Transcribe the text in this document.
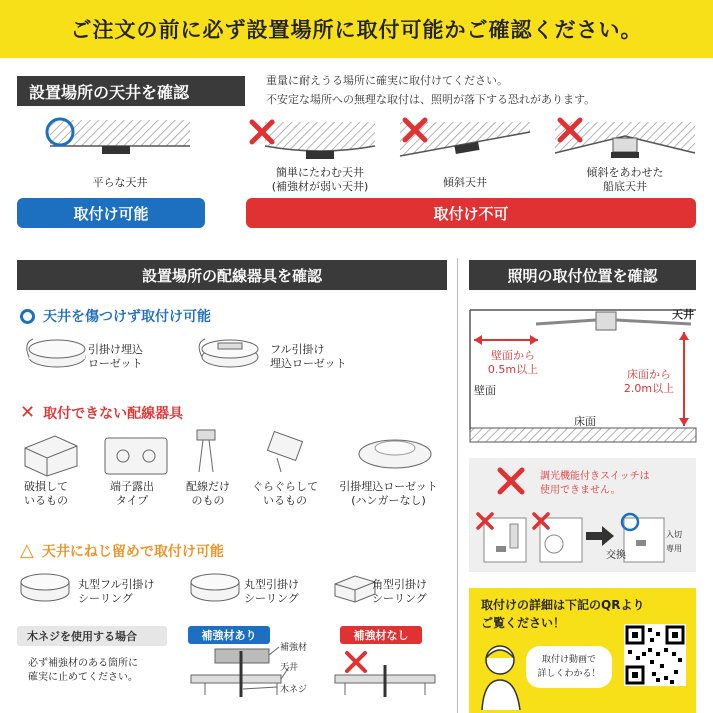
ご注文の前に必ず設置場所に取付可能かご確認ください。
設置場所の天井を確認
重量に耐えうる場所に確実に取付けてください。
不安定な場所への無理な取付は、照明が落下する恐れがあります。
平らな天井
簡単にたわむ天井
(補強材が弱い天井)	傾斜天井
傾斜をあわせた
船底天井
取付け可能	取付け不可
設置場所の配線器具を確認
天井を傷つけず取付け可能
引掛け埋込
ローゼット
フル引掛け
埋込ローゼット
✕ 取付できない配線器具
破損して
いるもの
端子露出
タイプ
配線だけ
のもの
ぐらぐらして
いるもの
引掛埋込ローゼット
(ハンガーなし)
△ 天井にねじ留めで取付け可能
丸型フル引掛け
シーリング
丸型引掛け
シーリング
角型引掛け
シーリング
木ネジを使用する場合
必ず補強材のある箇所に
確実に止めてください。
補強材あり	補強材なし
補強材
天井
木ネジ
照明の取付位置を確認
天井
壁面から
0.5m以上	床面から
2.0m以上
壁面
床面
調光機能付きスイッチは
使用できません。
交換
入切
専用
取付けの詳細は下記のQRより
ご覧ください！
取付け動画で
詳しくわかる！
